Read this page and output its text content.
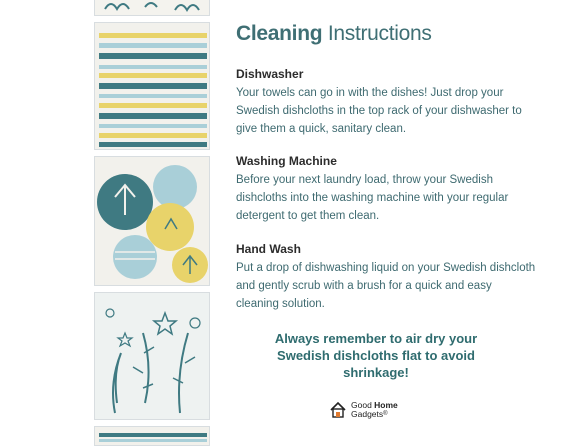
Cleaning Instructions
Dishwasher
Your towels can go in with the dishes! Just drop your Swedish dishcloths in the top rack of your dishwasher to give them a quick, sanitary clean.
Washing Machine
Before your next laundry load, throw your Swedish dishcloths into the washing machine with your regular detergent to get them clean.
Hand Wash
Put a drop of dishwashing liquid on your Swedish dishcloth and gently scrub with a brush for a quick and easy cleaning solution.
Always remember to air dry your Swedish dishcloths flat to avoid shrinkage!
Good Home
Gadgets®
